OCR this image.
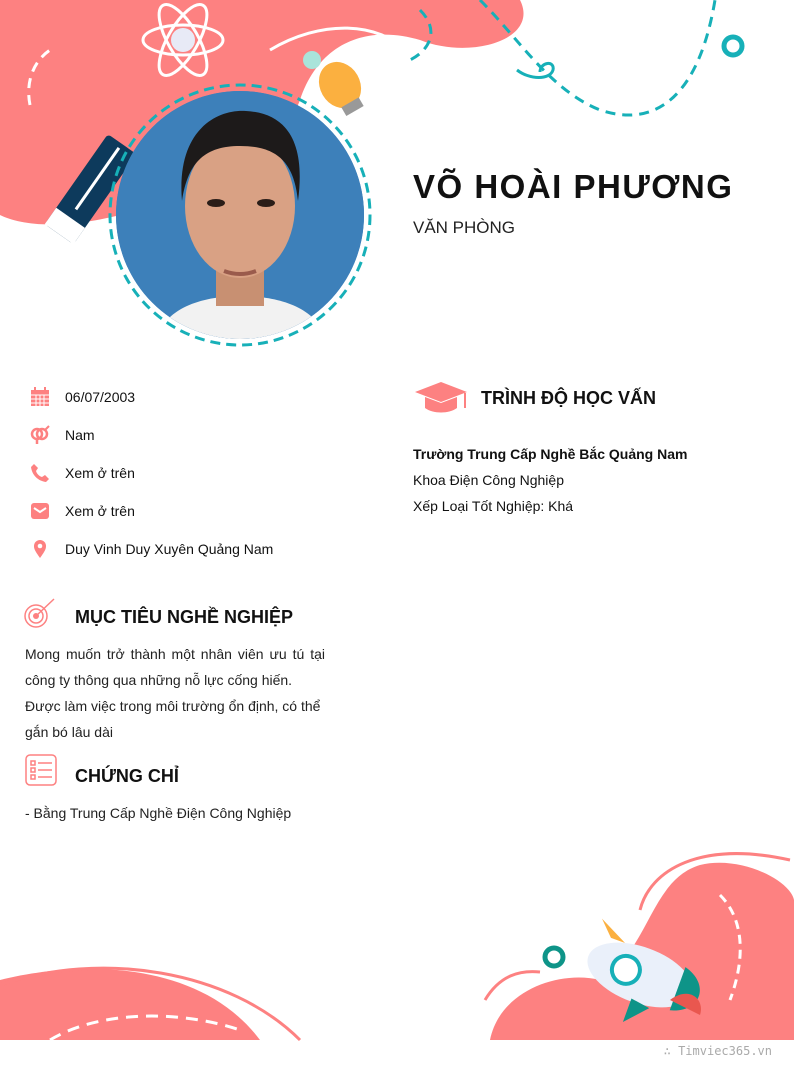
VÕ HOÀI PHƯƠNG
VĂN PHÒNG
06/07/2003
Nam
Xem ở trên
Xem ở trên
Duy Vinh Duy Xuyên Quảng Nam
MỤC TIÊU NGHỀ NGHIỆP
Mong muốn trở thành một nhân viên ưu tú tại
công ty thông qua những nỗ lực cống hiến.
Được làm việc trong môi trường ổn định, có thể
gắn bó lâu dài
CHỨNG CHỈ
- Bằng Trung Cấp Nghề Điện Công Nghiệp
TRÌNH ĐỘ HỌC VẤN
Trường Trung Cấp Nghề Bắc Quảng Nam
Khoa Điện Công Nghiệp
Xếp Loại Tốt Nghiệp: Khá
∴ Timviec365.vn
